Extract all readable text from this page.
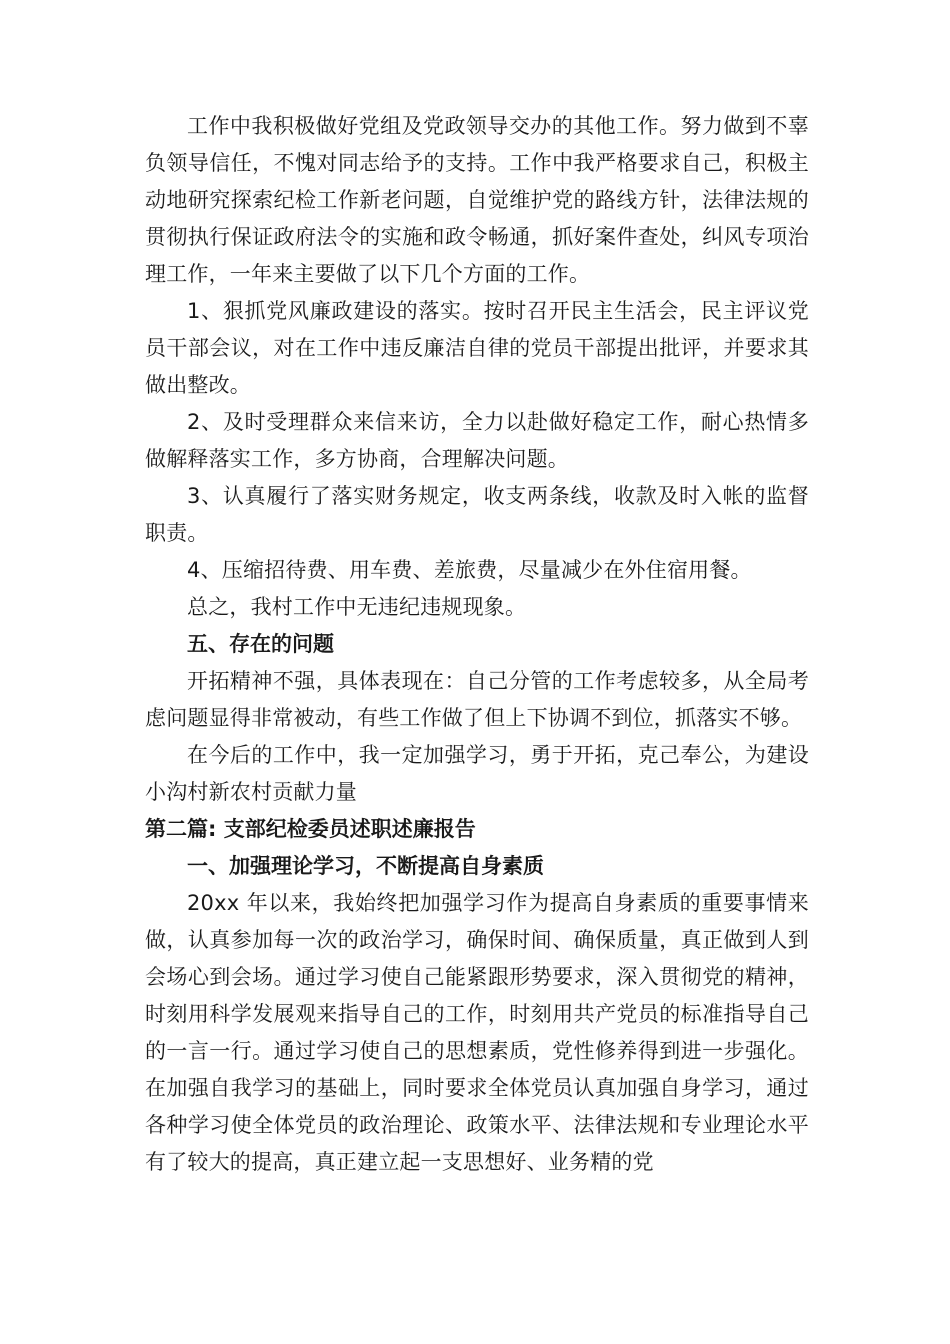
工作中我积极做好党组及党政领导交办的其他工作。努力做到不辜负领导信任，不愧对同志给予的支持。工作中我严格要求自己，积极主动地研究探索纪检工作新老问题，自觉维护党的路线方针，法律法规的贯彻执行保证政府法令的实施和政令畅通，抓好案件查处，纠风专项治理工作，一年来主要做了以下几个方面的工作。

1、狠抓党风廉政建设的落实。按时召开民主生活会，民主评议党员干部会议，对在工作中违反廉洁自律的党员干部提出批评，并要求其做出整改。

2、及时受理群众来信来访，全力以赴做好稳定工作，耐心热情多做解释落实工作，多方协商，合理解决问题。

3、认真履行了落实财务规定，收支两条线，收款及时入帐的监督职责。

4、压缩招待费、用车费、差旅费，尽量减少在外住宿用餐。

总之，我村工作中无违纪违规现象。

五、存在的问题

开拓精神不强，具体表现在：自己分管的工作考虑较多，从全局考虑问题显得非常被动，有些工作做了但上下协调不到位，抓落实不够。

在今后的工作中，我一定加强学习，勇于开拓，克己奉公，为建设小沟村新农村贡献力量

第二篇: 支部纪检委员述职述廉报告

一、加强理论学习，不断提高自身素质

20xx 年以来，我始终把加强学习作为提高自身素质的重要事情来做，认真参加每一次的政治学习，确保时间、确保质量，真正做到人到会场心到会场。通过学习使自己能紧跟形势要求，深入贯彻党的精神，时刻用科学发展观来指导自己的工作，时刻用共产党员的标准指导自己的一言一行。通过学习使自己的思想素质，党性修养得到进一步强化。在加强自我学习的基础上，同时要求全体党员认真加强自身学习，通过各种学习使全体党员的政治理论、政策水平、法律法规和专业理论水平有了较大的提高，真正建立起一支思想好、业务精的党
